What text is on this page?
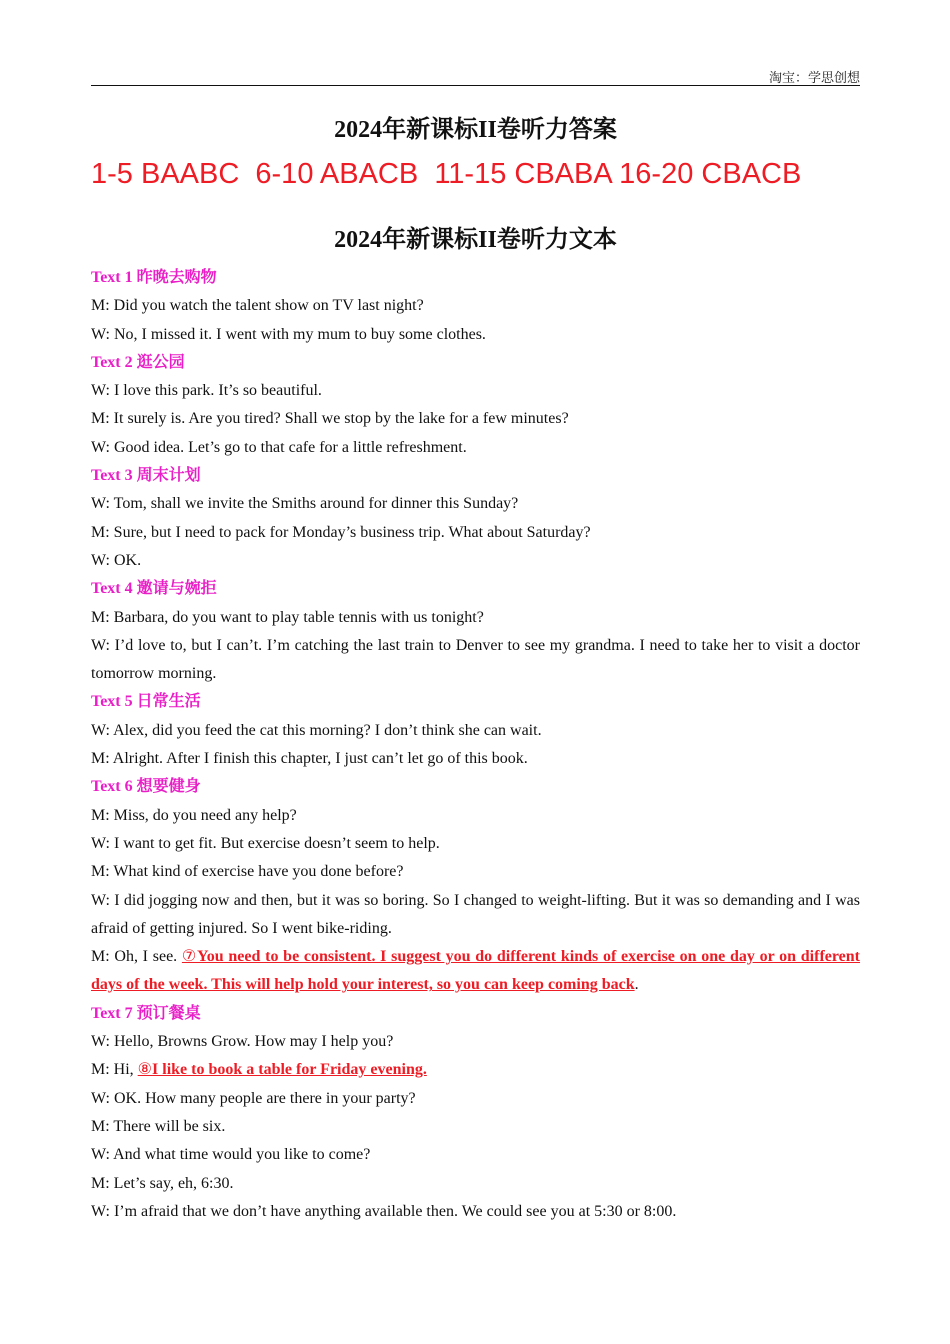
淘宝：学思创想
2024年新课标II卷听力答案
1-5 BAABC  6-10 ABACB  11-15 CBABA 16-20 CBACB
2024年新课标II卷听力文本

Text 1 昨晚去购物

M: Did you watch the talent show on TV last night?

W: No, I missed it. I went with my mum to buy some clothes.

Text 2 逛公园

W: I love this park. It’s so beautiful.

M: It surely is. Are you tired? Shall we stop by the lake for a few minutes?

W: Good idea. Let’s go to that cafe for a little refreshment.

Text 3 周末计划

W: Tom, shall we invite the Smiths around for dinner this Sunday?

M: Sure, but I need to pack for Monday’s business trip. What about Saturday?

W: OK.

Text 4 邀请与婉拒

M: Barbara, do you want to play table tennis with us tonight?

W: I’d love to, but I can’t. I’m catching the last train to Denver to see my grandma. I need to take her to visit a doctor tomorrow morning.

Text 5 日常生活

W: Alex, did you feed the cat this morning? I don’t think she can wait.

M: Alright. After I finish this chapter, I just can’t let go of this book.

Text 6 想要健身

M: Miss, do you need any help?

W: I want to get fit. But exercise doesn’t seem to help.

M: What kind of exercise have you done before?

W: I did jogging now and then, but it was so boring. So I changed to weight-lifting. But it was so demanding and I was afraid of getting injured. So I went bike-riding.

M: Oh, I see. ⑦You need to be consistent. I suggest you do different kinds of exercise on one day or on different days of the week. This will help hold your interest, so you can keep coming back.

Text 7 预订餐桌

W: Hello, Browns Grow. How may I help you?

M: Hi, ⑧I like to book a table for Friday evening.

W: OK. How many people are there in your party?

M: There will be six.

W: And what time would you like to come?

M: Let’s say, eh, 6:30.

W: I’m afraid that we don’t have anything available then. We could see you at 5:30 or 8:00.
